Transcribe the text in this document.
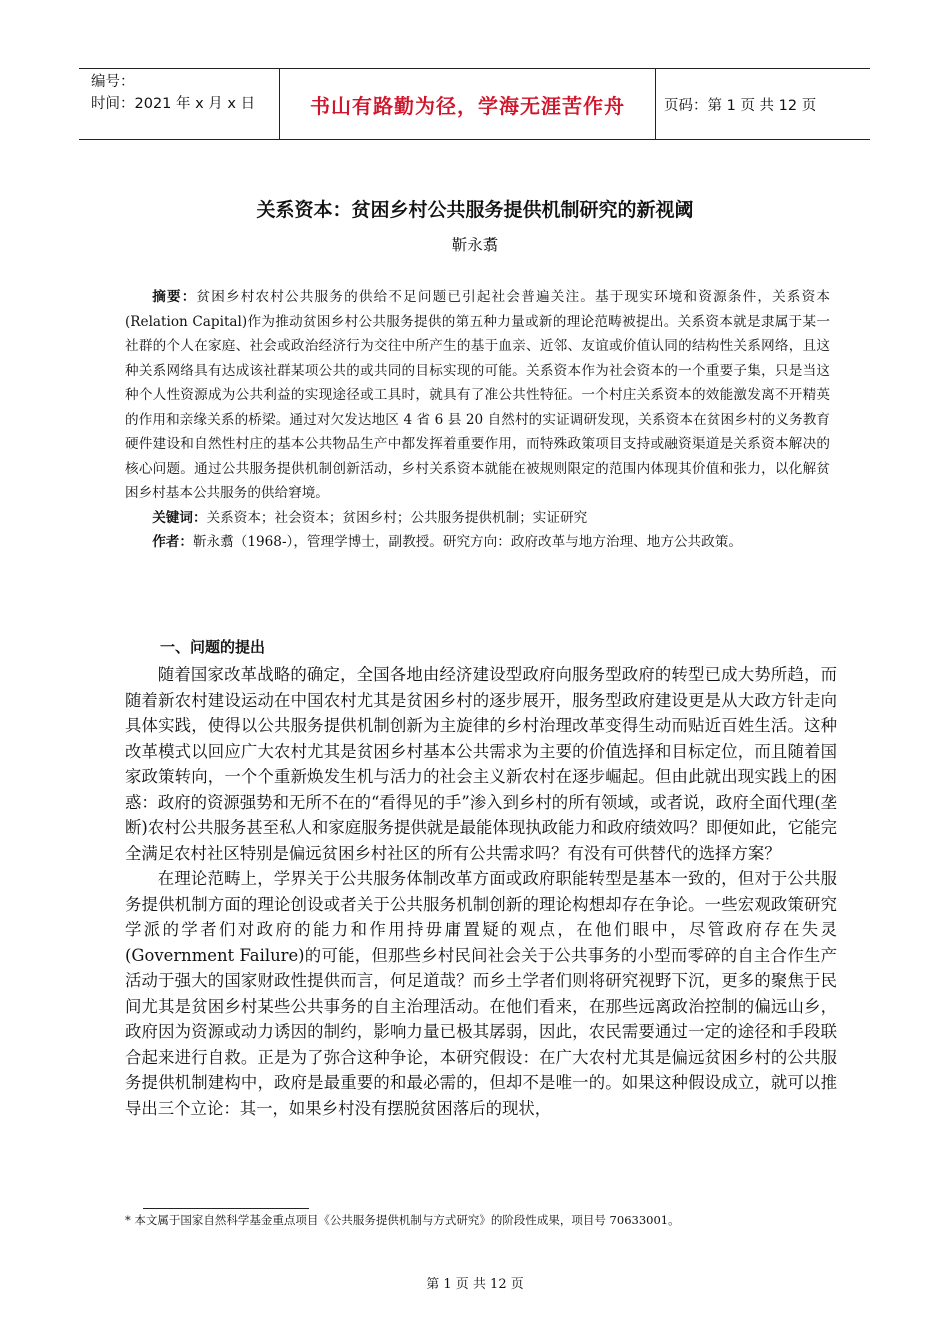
编号：
时间：2021 年 x 月 x 日	书山有路勤为径，学海无涯苦作舟	页码：第 1 页 共 12 页
关系资本：贫困乡村公共服务提供机制研究的新视阈
靳永翥

摘要：贫困乡村农村公共服务的供给不足问题已引起社会普遍关注。基于现实环境和资源条件，关系资本(Relation Capital)作为推动贫困乡村公共服务提供的第五种力量或新的理论范畴被提出。关系资本就是隶属于某一社群的个人在家庭、社会或政治经济行为交往中所产生的基于血亲、近邻、友谊或价值认同的结构性关系网络，且这种关系网络具有达成该社群某项公共的或共同的目标实现的可能。关系资本作为社会资本的一个重要子集，只是当这种个人性资源成为公共利益的实现途径或工具时，就具有了准公共性特征。一个村庄关系资本的效能激发离不开精英的作用和亲缘关系的桥梁。通过对欠发达地区 4 省 6 县 20 自然村的实证调研发现，关系资本在贫困乡村的义务教育硬件建设和自然性村庄的基本公共物品生产中都发挥着重要作用，而特殊政策项目支持或融资渠道是关系资本解决的核心问题。通过公共服务提供机制创新活动，乡村关系资本就能在被规则限定的范围内体现其价值和张力，以化解贫困乡村基本公共服务的供给窘境。

关键词：关系资本；社会资本；贫困乡村；公共服务提供机制；实证研究

作者：靳永翥（1968-），管理学博士，副教授。研究方向：政府改革与地方治理、地方公共政策。

一、问题的提出

随着国家改革战略的确定，全国各地由经济建设型政府向服务型政府的转型已成大势所趋，而随着新农村建设运动在中国农村尤其是贫困乡村的逐步展开，服务型政府建设更是从大政方针走向具体实践，使得以公共服务提供机制创新为主旋律的乡村治理改革变得生动而贴近百姓生活。这种改革模式以回应广大农村尤其是贫困乡村基本公共需求为主要的价值选择和目标定位，而且随着国家政策转向，一个个重新焕发生机与活力的社会主义新农村在逐步崛起。但由此就出现实践上的困惑：政府的资源强势和无所不在的“看得见的手”渗入到乡村的所有领域，或者说，政府全面代理(垄断)农村公共服务甚至私人和家庭服务提供就是最能体现执政能力和政府绩效吗？即便如此，它能完全满足农村社区特别是偏远贫困乡村社区的所有公共需求吗？有没有可供替代的选择方案？

在理论范畴上，学界关于公共服务体制改革方面或政府职能转型是基本一致的，但对于公共服务提供机制方面的理论创设或者关于公共服务机制创新的理论构想却存在争论。一些宏观政策研究学派的学者们对政府的能力和作用持毋庸置疑的观点，在他们眼中，尽管政府存在失灵(Government Failure)的可能，但那些乡村民间社会关于公共事务的小型而零碎的自主合作生产活动于强大的国家财政性提供而言，何足道哉？而乡土学者们则将研究视野下沉，更多的聚焦于民间尤其是贫困乡村某些公共事务的自主治理活动。在他们看来，在那些远离政治控制的偏远山乡，政府因为资源或动力诱因的制约，影响力量已极其孱弱，因此，农民需要通过一定的途径和手段联合起来进行自救。正是为了弥合这种争论，本研究假设：在广大农村尤其是偏远贫困乡村的公共服务提供机制建构中，政府是最重要的和最必需的，但却不是唯一的。如果这种假设成立，就可以推导出三个立论：其一，如果乡村没有摆脱贫困落后的现状，

* 本文属于国家自然科学基金重点项目《公共服务提供机制与方式研究》的阶段性成果，项目号 70633001。
第 1 页 共 12 页
